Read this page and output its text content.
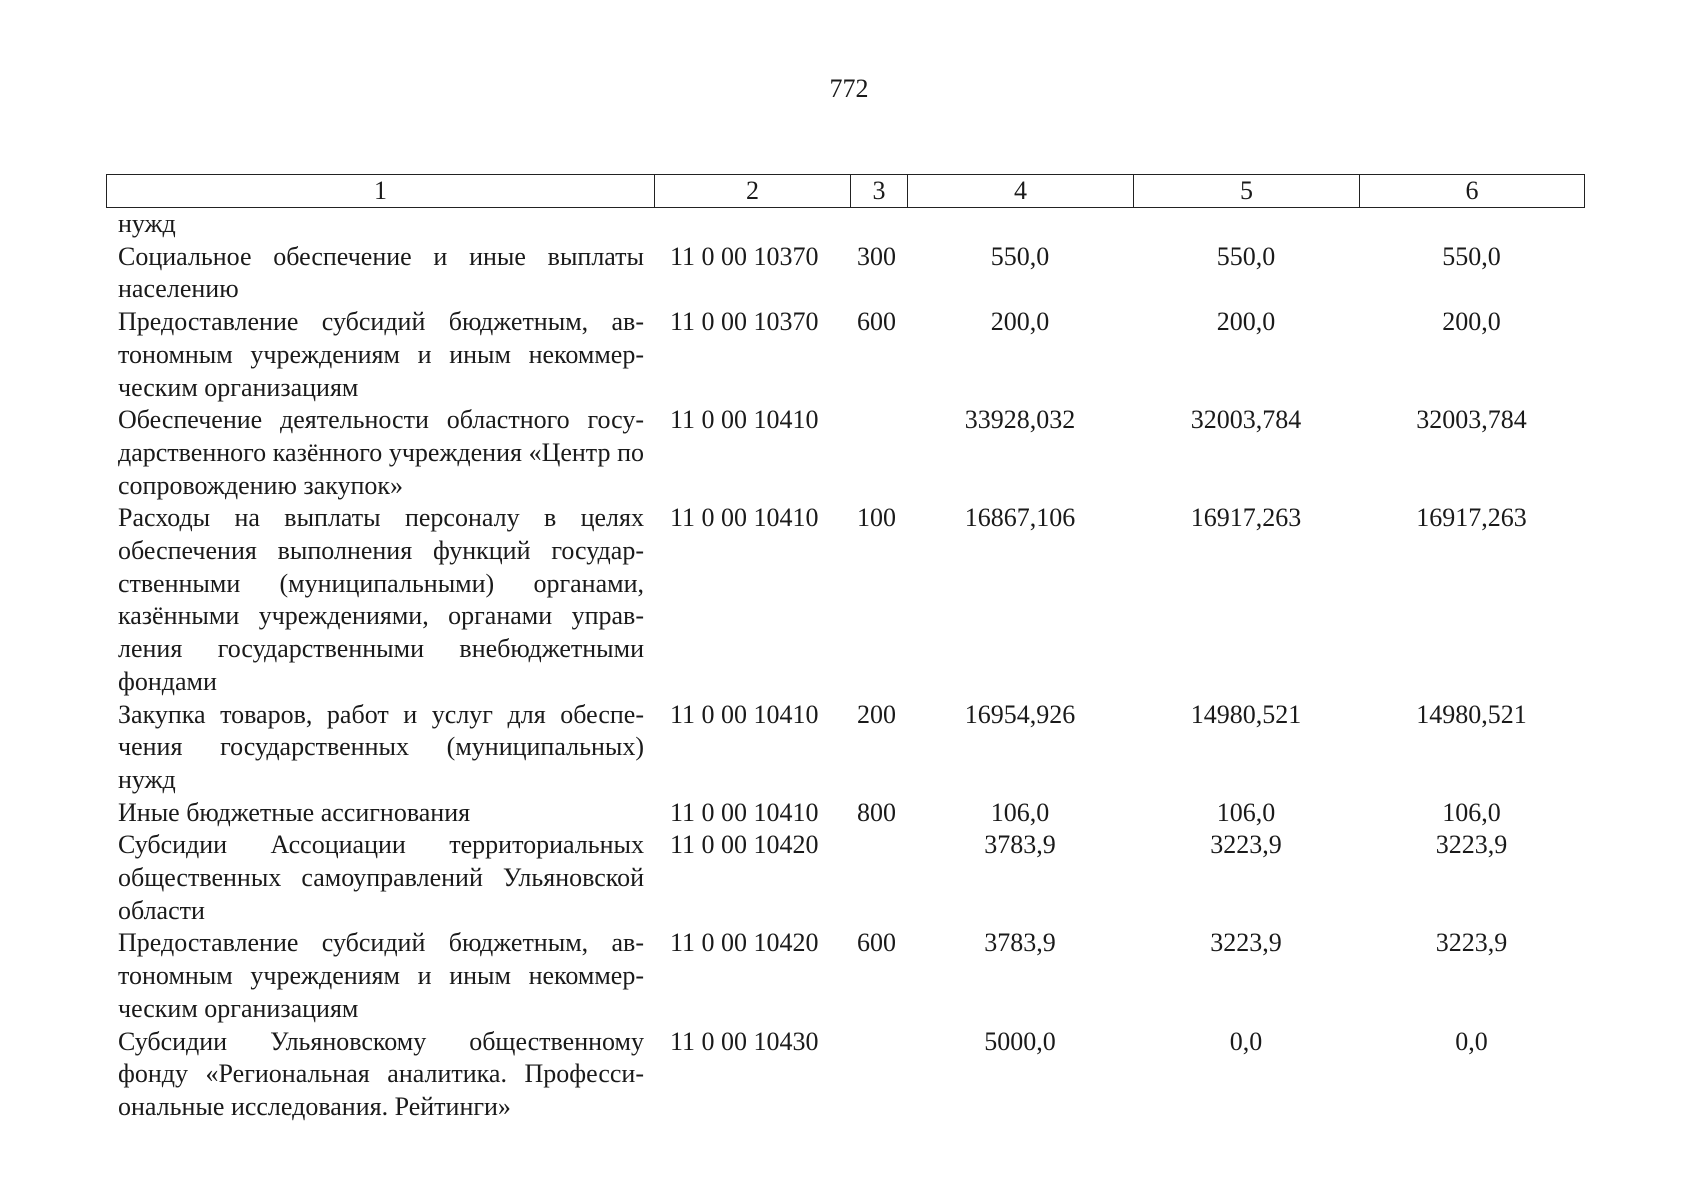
772
1	2	3	4	5	6
нужд					
Социальное обеспечение и иные выплаты населению	11 0 00 10370	300	550,0	550,0	550,0
Предоставление субсидий бюджетным, автономным учреждениям и иным некоммерческим организациям	11 0 00 10370	600	200,0	200,0	200,0
Обеспечение деятельности областного государственного казённого учреждения «Центр по сопровождению закупок»	11 0 00 10410		33928,032	32003,784	32003,784
Расходы на выплаты персоналу в целях обеспечения выполнения функций государственными (муниципальными) органами, казёнными учреждениями, органами управления государственными внебюджетными фондами	11 0 00 10410	100	16867,106	16917,263	16917,263
Закупка товаров, работ и услуг для обеспечения государственных (муниципальных) нужд	11 0 00 10410	200	16954,926	14980,521	14980,521
Иные бюджетные ассигнования	11 0 00 10410	800	106,0	106,0	106,0
Субсидии Ассоциации территориальных общественных самоуправлений Ульяновской области	11 0 00 10420		3783,9	3223,9	3223,9
Предоставление субсидий бюджетным, автономным учреждениям и иным некоммерческим организациям	11 0 00 10420	600	3783,9	3223,9	3223,9
Субсидии Ульяновскому общественному фонду «Региональная аналитика. Профессиональные исследования. Рейтинги»	11 0 00 10430		5000,0	0,0	0,0
